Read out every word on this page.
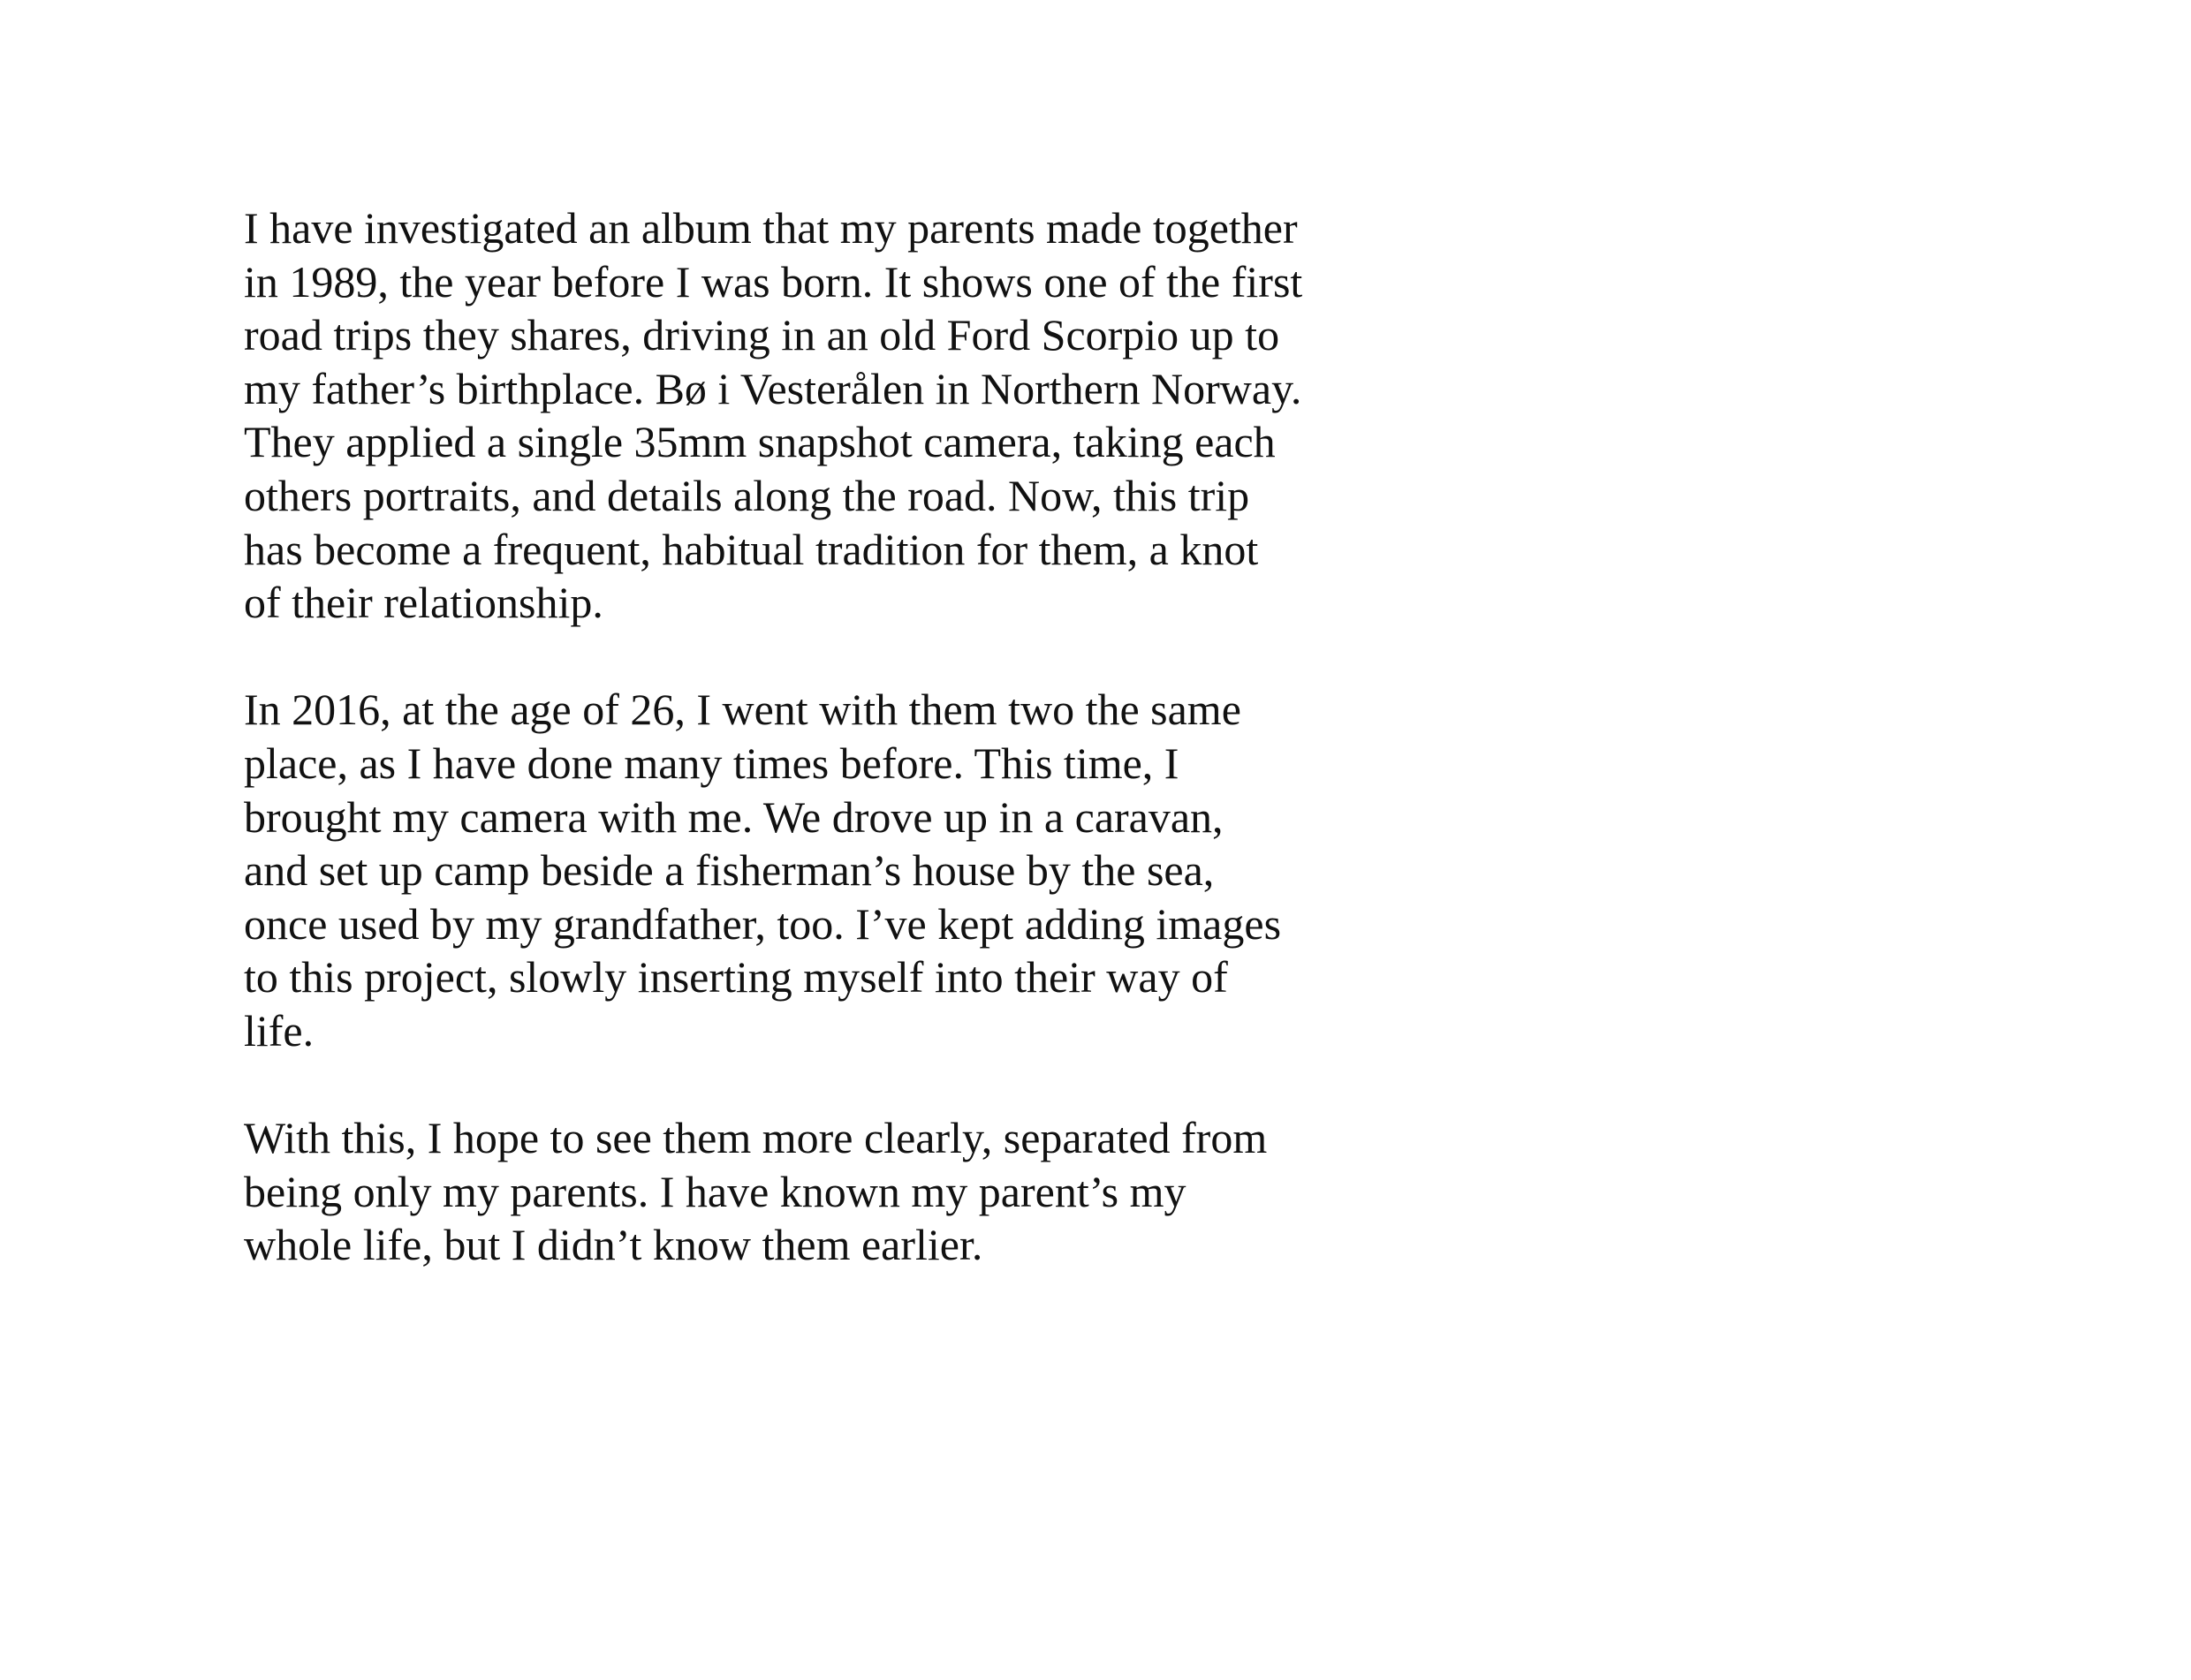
I have investigated an album that my parents made together
in 1989, the year before I was born. It shows one of the first
road trips they shares, driving in an old Ford Scorpio up to
my father’s birthplace. Bø i Vesterålen in Northern Norway.
They applied a single 35mm snapshot camera, taking each
others portraits, and details along the road. Now, this trip
has become a frequent, habitual tradition for them, a knot
of their relationship.

In 2016, at the age of 26, I went with them two the same
place, as I have done many times before. This time, I
brought my camera with me. We drove up in a caravan,
and set up camp beside a fisherman’s house by the sea,
once used by my grandfather, too. I’ve kept adding images
to this project, slowly inserting myself into their way of
life.

With this, I hope to see them more clearly, separated from
being only my parents. I have known my parent’s my
whole life, but I didn’t know them earlier.
